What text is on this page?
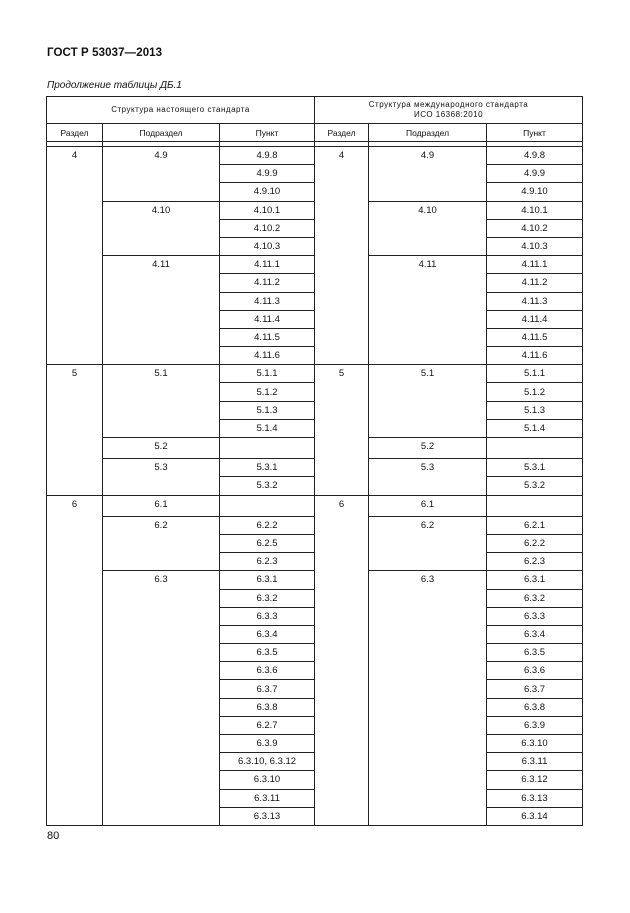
ГОСТ Р 53037—2013
Продолжение таблицы ДБ.1
Структура настоящего стандарта			Структура международного стандарта
ИСО 16368:2010		
Раздел	Подраздел	Пункт	Раздел	Подраздел	Пункт

4	4.9	4.9.8	4	4.9	4.9.8
		4.9.9			4.9.9
		4.9.10			4.9.10
	4.10	4.10.1		4.10	4.10.1
		4.10.2			4.10.2
		4.10.3			4.10.3
	4.11	4.11.1		4.11	4.11.1
		4.11.2			4.11.2
		4.11.3			4.11.3
		4.11.4			4.11.4
		4.11.5			4.11.5
		4.11.6			4.11.6
5	5.1	5.1.1	5	5.1	5.1.1
		5.1.2			5.1.2
		5.1.3			5.1.3
		5.1.4			5.1.4
	5.2			5.2	
	5.3	5.3.1		5.3	5.3.1
		5.3.2			5.3.2
6	6.1		6	6.1	
	6.2	6.2.2		6.2	6.2.1
		6.2.5			6.2.2
		6.2.3			6.2.3
	6.3	6.3.1		6.3	6.3.1
		6.3.2			6.3.2
		6.3.3			6.3.3
		6.3.4			6.3.4
		6.3.5			6.3.5
		6.3.6			6.3.6
		6.3.7			6.3.7
		6.3.8			6.3.8
		6.2.7			6.3.9
		6.3.9			6.3.10
		6.3.10, 6.3.12			6.3.11
		6.3.10			6.3.12
		6.3.11			6.3.13
		6.3.13			6.3.14
80
